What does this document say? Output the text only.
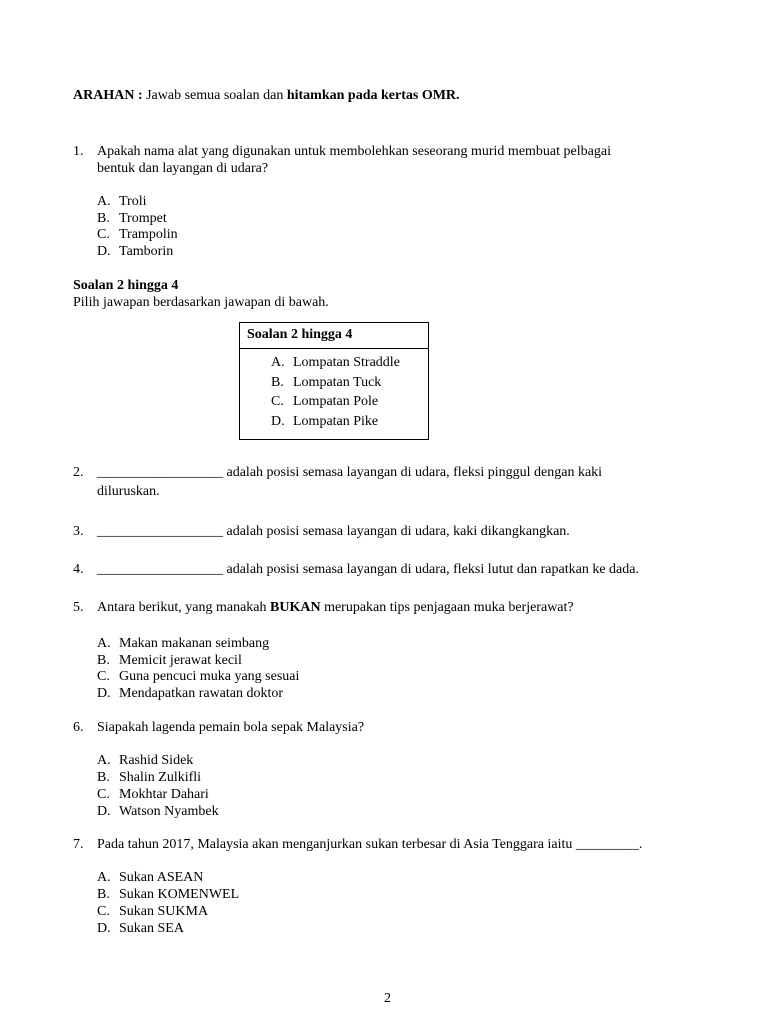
ARAHAN : Jawab semua soalan dan hitamkan pada kertas OMR.
1. Apakah nama alat yang digunakan untuk membolehkan seseorang murid membuat pelbagai
bentuk dan layangan di udara?
A. Troli
B. Trompet
C. Trampolin
D. Tamborin
Soalan 2 hingga 4
Pilih jawapan berdasarkan jawapan di bawah.
Soalan 2 hingga 4
A. Lompatan Straddle
B. Lompatan Tuck
C. Lompatan Pole
D. Lompatan Pike
2. __________________ adalah posisi semasa layangan di udara, fleksi pinggul dengan kaki
diluruskan.
3. __________________ adalah posisi semasa layangan di udara, kaki dikangkangkan.
4. __________________ adalah posisi semasa layangan di udara, fleksi lutut dan rapatkan ke dada.
5. Antara berikut, yang manakah BUKAN merupakan tips penjagaan muka berjerawat?
A. Makan makanan seimbang
B. Memicit jerawat kecil
C. Guna pencuci muka yang sesuai
D. Mendapatkan rawatan doktor
6. Siapakah lagenda pemain bola sepak Malaysia?
A. Rashid Sidek
B. Shalin Zulkifli
C. Mokhtar Dahari
D. Watson Nyambek
7. Pada tahun 2017, Malaysia akan menganjurkan sukan terbesar di Asia Tenggara iaitu _________.
A. Sukan ASEAN
B. Sukan KOMENWEL
C. Sukan SUKMA
D. Sukan SEA
2
